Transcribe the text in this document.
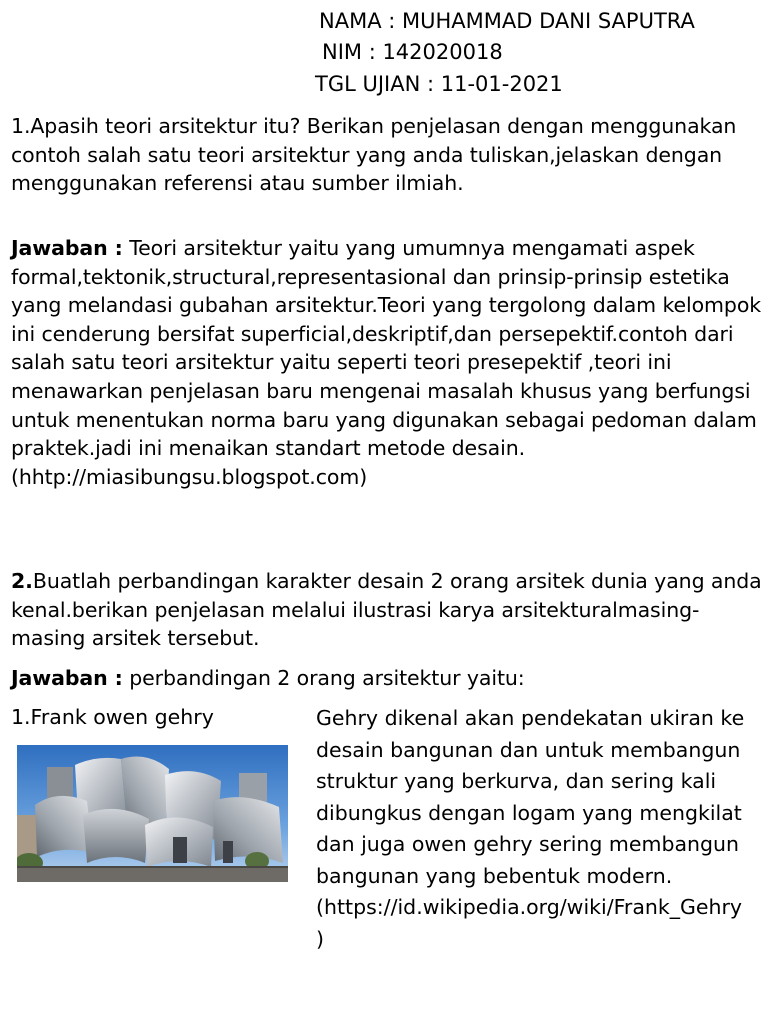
NAMA : MUHAMMAD DANI SAPUTRA
NIM : 142020018
TGL UJIAN : 11-01-2021
1.Apasih teori arsitektur itu? Berikan penjelasan dengan menggunakan contoh salah satu teori arsitektur yang anda tuliskan,jelaskan dengan menggunakan referensi atau sumber ilmiah.
Jawaban : Teori arsitektur yaitu yang umumnya mengamati aspek formal,tektonik,structural,representasional dan prinsip-prinsip estetika yang melandasi gubahan arsitektur.Teori yang tergolong dalam kelompok ini cenderung bersifat superficial,deskriptif,dan persepektif.contoh dari salah satu teori arsitektur yaitu seperti teori presepektif ,teori ini menawarkan penjelasan baru mengenai masalah khusus yang berfungsi untuk menentukan norma baru yang digunakan sebagai pedoman dalam praktek.jadi ini menaikan standart metode desain.(hhtp://miasibungsu.blogspot.com)
2.Buatlah perbandingan karakter desain 2 orang arsitek dunia yang anda kenal.berikan penjelasan melalui ilustrasi karya arsitekturalmasing-masing arsitek tersebut.
Jawaban : perbandingan 2 orang arsitektur yaitu:
1.Frank owen gehry	Gehry dikenal akan pendekatan ukiran ke desain bangunan dan untuk membangun struktur yang berkurva, dan sering kali dibungkus dengan logam yang mengkilat dan juga owen gehry sering membangun bangunan yang bebentuk modern.(https://id.wikipedia.org/wiki/Frank_Gehry )
